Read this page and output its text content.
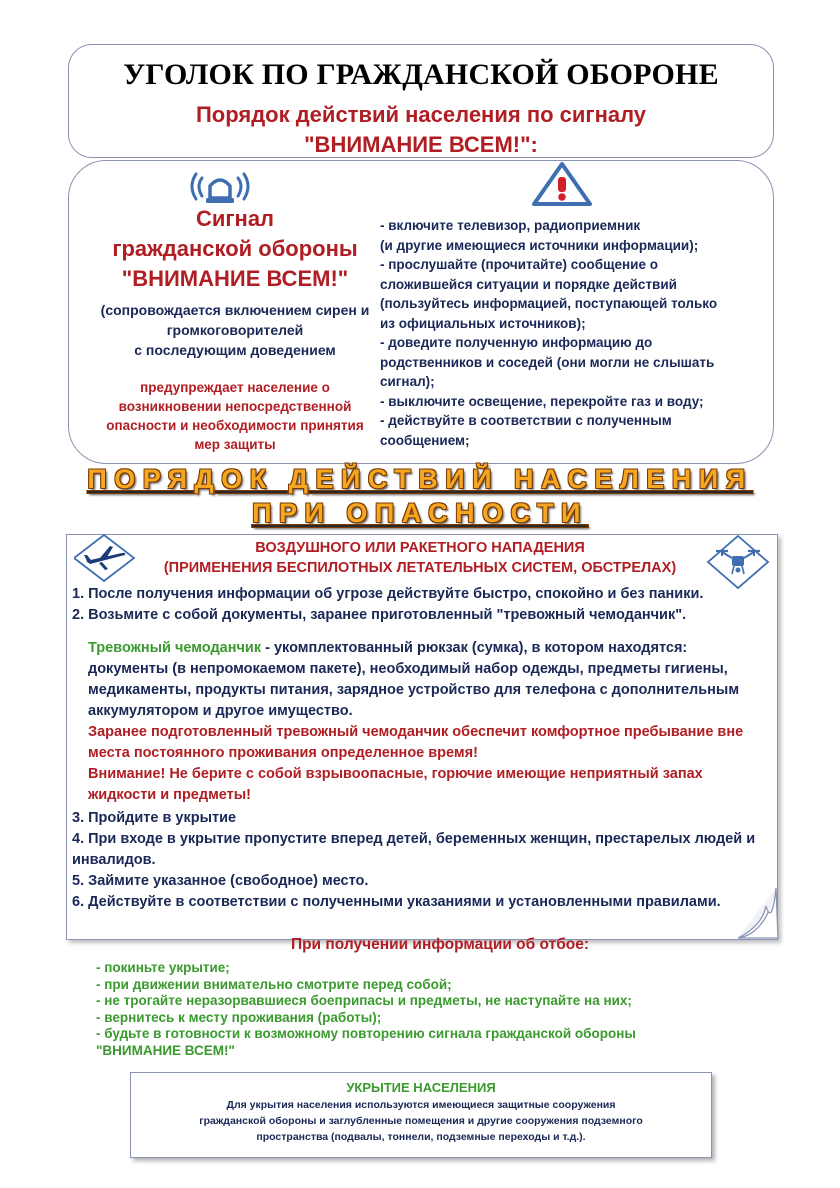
УГОЛОК ПО ГРАЖДАНСКОЙ ОБОРОНЕ
Порядок действий населения по сигналу
"ВНИМАНИЕ ВСЕМ!":
Сигнал
гражданской обороны
"ВНИМАНИЕ ВСЕМ!"
(сопровождается включением сирен и
громкоговорителей
с последующим доведением
предупреждает население о
возникновении непосредственной
опасности и необходимости принятия
мер защиты
- включите телевизор, радиоприемник
(и другие имеющиеся источники информации);
- прослушайте (прочитайте) сообщение о
сложившейся ситуации и порядке действий
(пользуйтесь информацией, поступающей только
из официальных источников);
- доведите полученную информацию до
родственников и соседей (они могли не слышать
сигнал);
- выключите освещение, перекройте газ и воду;
- действуйте в соответствии с полученным
сообщением;
ПОРЯДОК ДЕЙСТВИЙ НАСЕЛЕНИЯ
ПРИ ОПАСНОСТИ
ВОЗДУШНОГО ИЛИ РАКЕТНОГО НАПАДЕНИЯ
(ПРИМЕНЕНИЯ БЕСПИЛОТНЫХ ЛЕТАТЕЛЬНЫХ СИСТЕМ, ОБСТРЕЛАХ)
1. После получения информации об угрозе действуйте быстро, спокойно и без паники.
2. Возьмите с собой документы, заранее приготовленный "тревожный чемоданчик".
Тревожный чемоданчик - укомплектованный рюкзак (сумка), в котором находятся: документы (в непромокаемом пакете), необходимый набор одежды, предметы гигиены, медикаменты, продукты питания, зарядное устройство для телефона с дополнительным аккумулятором и другое имущество.
Заранее подготовленный тревожный чемоданчик обеспечит комфортное пребывание вне места постоянного проживания определенное время!
Внимание! Не берите с собой взрывоопасные, горючие имеющие неприятный запах жидкости и предметы!
3. Пройдите в укрытие
4. При входе в укрытие пропустите вперед детей, беременных женщин, престарелых людей и инвалидов.
5. Займите указанное (свободное) место.
6. Действуйте в соответствии с полученными указаниями и установленными правилами.
При получении информации об отбое:
- покиньте укрытие;
- при движении внимательно смотрите перед собой;
- не трогайте неразорвавшиеся боеприпасы и предметы, не наступайте на них;
- вернитесь к месту проживания (работы);
- будьте в готовности к возможному повторению сигнала гражданской обороны
"ВНИМАНИЕ ВСЕМ!"
УКРЫТИЕ НАСЕЛЕНИЯ
Для укрытия населения используются имеющиеся защитные сооружения
гражданской обороны и заглубленные помещения и другие сооружения подземного
пространства (подвалы, тоннели, подземные переходы и т.д.).
